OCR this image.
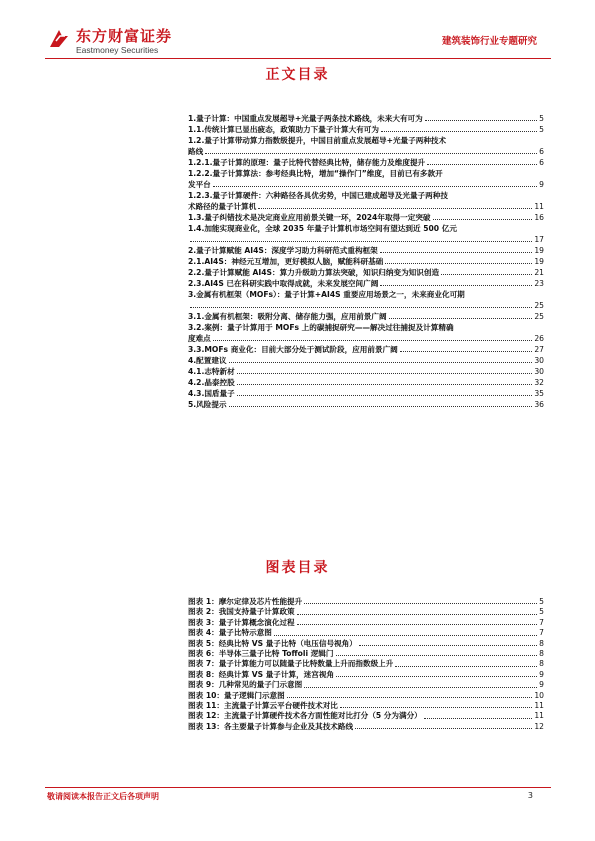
东方财富证券
Eastmoney Securities
建筑装饰行业专题研究
正文目录
1.量子计算：中国重点发展超导+光量子两条技术路线，未来大有可为	5
1.1.传统计算已显出疲态，政策助力下量子计算大有可为	5
1.2.量子计算带动算力指数级提升，中国目前重点发展超导+光量子两种技术
路线	6
1.2.1.量子计算的原理：量子比特代替经典比特，储存能力及维度提升	6
1.2.2.量子计算算法：参考经典比特，增加“操作门”维度，目前已有多款开
发平台	9
1.2.3.量子计算硬件：六种路径各具优劣势，中国已建成超导及光量子两种技
术路径的量子计算机	11
1.3.量子纠错技术是决定商业应用前景关键一环，2024年取得一定突破	16
1.4.加能实现商业化，全球 2035 年量子计算机市场空间有望达到近 500 亿元
17
2.量子计算赋能 AI4S：深度学习助力科研范式重构框架	19
2.1.AI4S：神经元互增加，更好模拟人脑，赋能科研基础	19
2.2.量子计算赋能 AI4S：算力升级助力算法突破，知识归纳变为知识创造	21
2.3.AI4S 已在科研实践中取得成就，未来发展空间广阔	23
3.金属有机框架（MOFs）：量子计算+AI4S 重要应用场景之一，未来商业化可期
25
3.1.金属有机框架：吸附分离、储存能力强，应用前景广阔	25
3.2.案例：量子计算用于 MOFs 上的碳捕捉研究——解决过往捕捉及计算精确
度难点	26
3.3.MOFs 商业化：目前大部分处于测试阶段，应用前景广阔	27
4.配置建议	30
4.1.志特新材	30
4.2.晶泰控股	32
4.3.国盾量子	35
5.风险提示	36
图表目录
图表 1：摩尔定律及芯片性能提升	5
图表 2：我国支持量子计算政策	5
图表 3：量子计算概念演化过程	7
图表 4：量子比特示意图	7
图表 5：经典比特 VS 量子比特（电压信号视角）	8
图表 6：半导体三量子比特 Toffoli 逻辑门	8
图表 7：量子计算能力可以随量子比特数量上升而指数级上升	8
图表 8：经典计算 VS 量子计算，迷宫视角	9
图表 9：几种常见的量子门示意图	9
图表 10：量子逻辑门示意图	10
图表 11：主流量子计算云平台硬件技术对比	11
图表 12：主流量子计算硬件技术各方面性能对比打分（5 分为满分）	11
图表 13：各主要量子计算参与企业及其技术路线	12
敬请阅读本报告正文后各项声明	3
